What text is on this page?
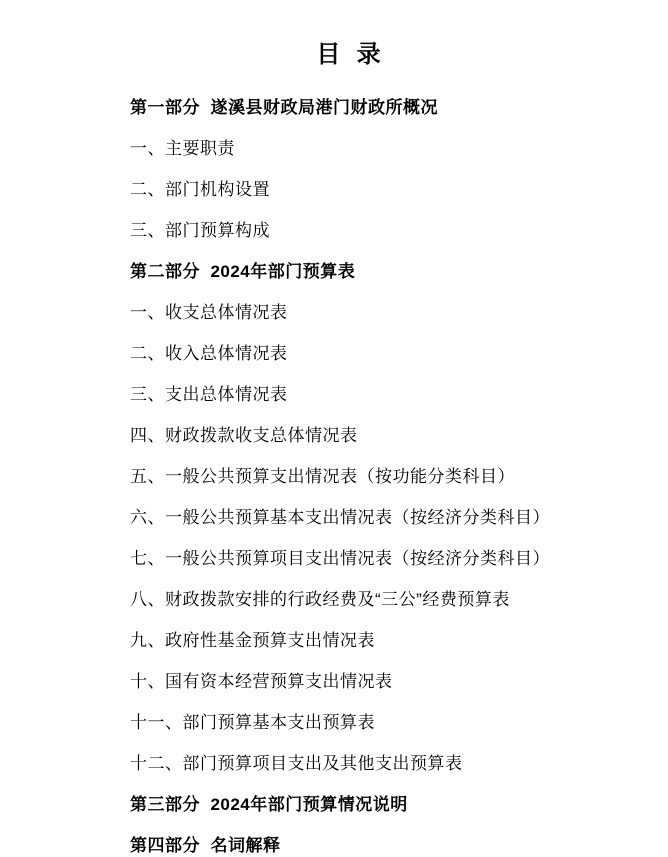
目  录
第一部分  遂溪县财政局港门财政所概况
一、主要职责
二、部门机构设置
三、部门预算构成
第二部分  2024年部门预算表
一、收支总体情况表
二、收入总体情况表
三、支出总体情况表
四、财政拨款收支总体情况表
五、一般公共预算支出情况表（按功能分类科目）
六、一般公共预算基本支出情况表（按经济分类科目）
七、一般公共预算项目支出情况表（按经济分类科目）
八、财政拨款安排的行政经费及“三公”经费预算表
九、政府性基金预算支出情况表
十、国有资本经营预算支出情况表
十一、部门预算基本支出预算表
十二、部门预算项目支出及其他支出预算表
第三部分  2024年部门预算情况说明
第四部分  名词解释
